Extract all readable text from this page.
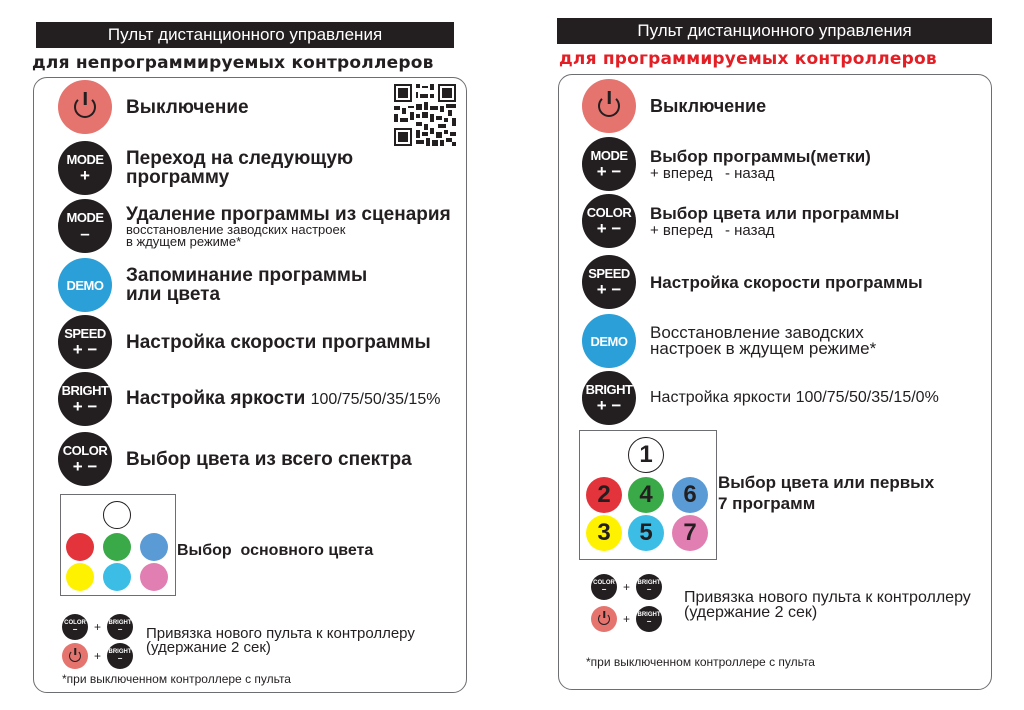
Пульт дистанционного управления
для непрограммируемых контроллеров
Выключение
MODE
+
Переход на следующую
программу
MODE
–
Удаление программы из сценария
восстановление заводских настроек
в ждущем режиме*
DEMO Запоминание программы
или цвета
SPEED
+ − Настройка скорости программы
BRIGHT
+ − Настройка яркости 100/75/50/35/15%
COLOR
+ − Выбор цвета из всего спектра
Выбор  основного цвета
COLOR
− + BRIGHT
−
+ BRIGHT
−
Привязка нового пульта к контроллеру
(удержание 2 сек)
*при выключенном контроллере с пульта
Пульт дистанционного управления
для программируемых контроллеров
Выключение
MODE
+ −
Выбор программы(метки)
+ вперед   - назад
COLOR
+ −
Выбор цвета или программы
+ вперед   - назад
SPEED
+ − Настройка скорости программы
DEMO Восстановление заводских
настроек в ждущем режиме*
BRIGHT
+ − Настройка яркости 100/75/50/35/15/0%
1
2	4	6
3	5	7
Выбор цвета или первых
7 программ
COLOR
− + BRIGHT
−
+ BRIGHT
−
Привязка нового пульта к контроллеру
(удержание 2 сек)
*при выключенном контроллере с пульта
